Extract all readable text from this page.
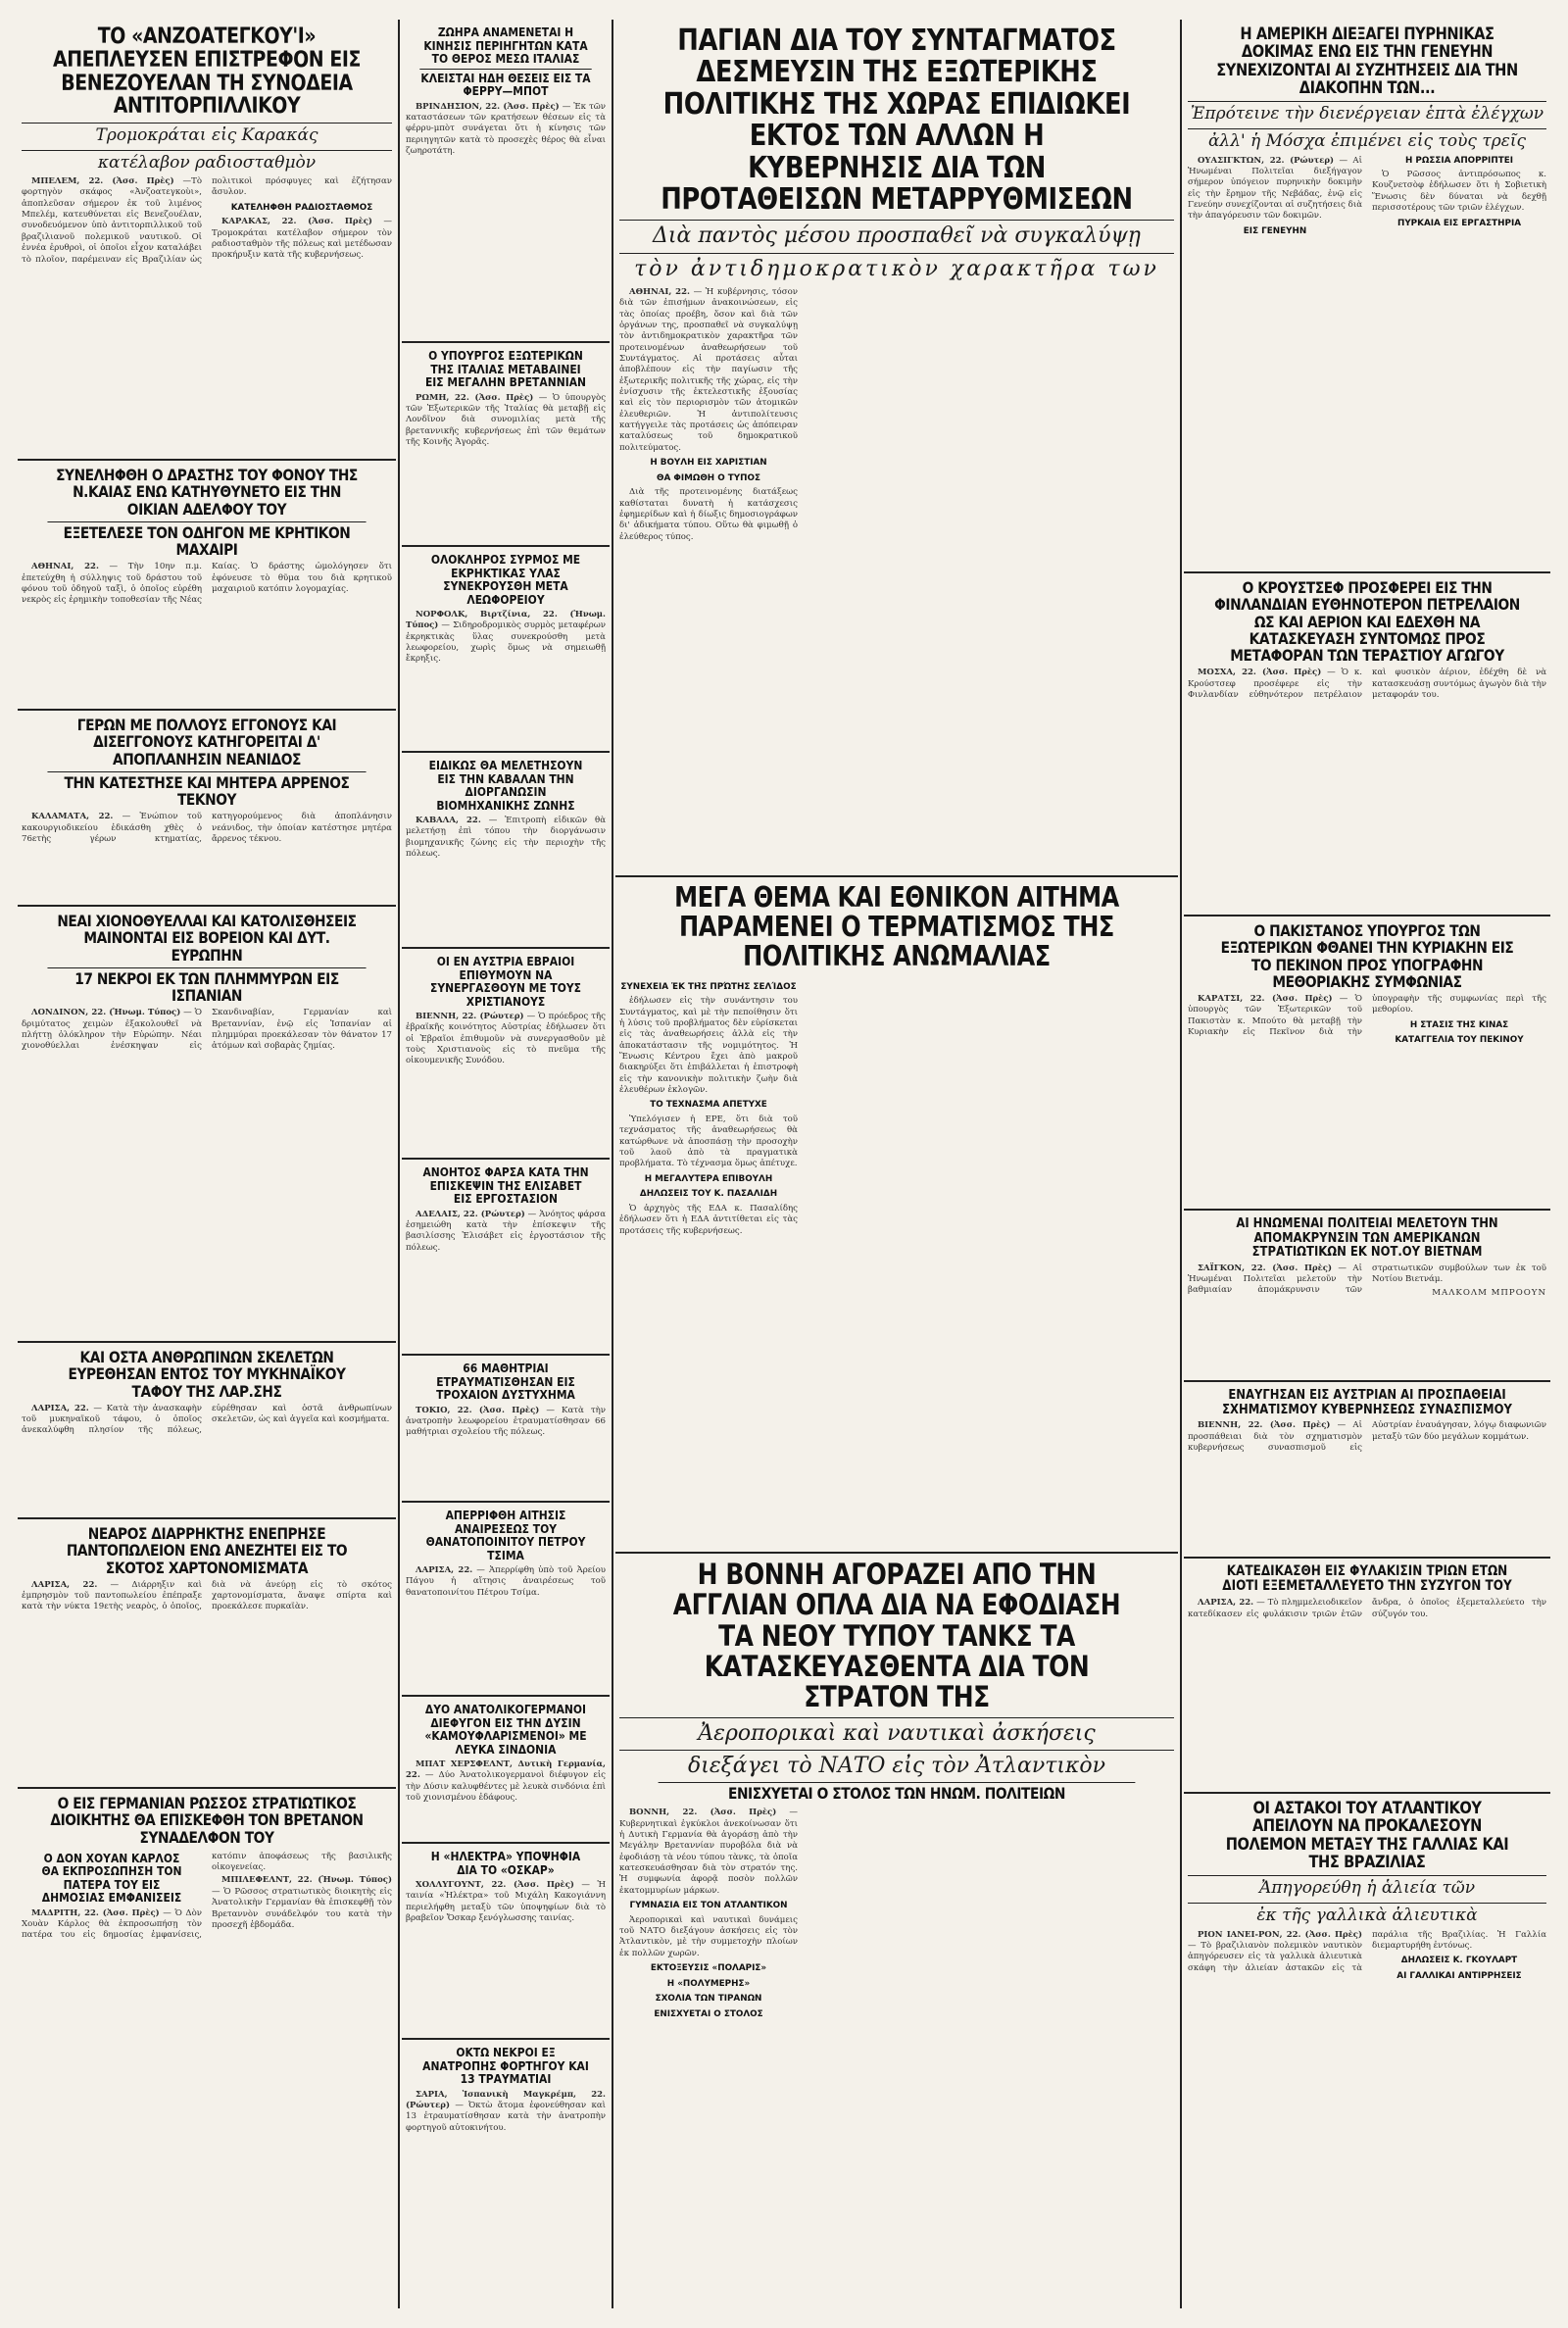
ΤΟ «ΑΝΖΟΑΤΕΓΚΟΥ'Ι» ΑΠΕΠΛΕΥΣΕΝ ΕΠΙΣΤΡΕΦΟΝ ΕΙΣ ΒΕΝΕΖΟΥΕΛΑΝ ΤΗ ΣΥΝΟΔΕΙΑ ΑΝΤΙΤΟΡΠΙΛΛΙΚΟΥ
Τρομοκράται εἰς Καρακάς
κατέλαβον ραδιοσταθμὸν

ΜΠΕΛΕΜ, 22. (Ἀσσ. Πρὲς) —Τὸ φορτηγὸν σκάφος «Ἀνζοατεγκοὺι», ἀποπλεῦσαν σήμερον ἐκ τοῦ λιμένος Μπελέμ, κατευθύνεται εἰς Βενεζουέλαν, συνοδευόμενον ὑπὸ ἀντιτορπιλλικοῦ τοῦ βραζιλιανοῦ πολεμικοῦ ναυτικοῦ. Οἱ ἐννέα ἐρυθροὶ, οἱ ὁποῖοι εἶχον καταλάβει τὸ πλοῖον, παρέμειναν εἰς Βραζιλίαν ὡς πολιτικοὶ πρόσφυγες καὶ ἐζήτησαν ἄσυλον.

ΚΑΤΕΛΗΦΘΗ ΡΑΔΙΟΣΤΑΘΜΟΣ

ΚΑΡΑΚΑΣ, 22. (Ἀσσ. Πρὲς) —Τρομοκράται κατέλαβον σήμερον τὸν ραδιοσταθμὸν τῆς πόλεως καὶ μετέδωσαν προκήρυξιν κατὰ τῆς κυβερνήσεως.

ΣΥΝΕΛΗΦΘΗ Ο ΔΡΑΣΤΗΣ ΤΟΥ ΦΟΝΟΥ ΤΗΣ Ν.ΚΑΙΑΣ ΕΝΩ ΚΑΤΗΥΘΥΝΕΤΟ ΕΙΣ ΤΗΝ ΟΙΚΙΑΝ ΑΔΕΛΦΟΥ ΤΟΥ
ΕΞΕΤΕΛΕΣΕ ΤΟΝ ΟΔΗΓΟΝ ΜΕ ΚΡΗΤΙΚΟΝ ΜΑΧΑΙΡΙ

ΑΘΗΝΑΙ, 22. — Τὴν 10ην π.μ. ἐπετεύχθη ἡ σύλληψις τοῦ δράστου τοῦ φόνου τοῦ ὁδηγοῦ ταξὶ, ὁ ὁποῖος εὑρέθη νεκρὸς εἰς ἐρημικὴν τοποθεσίαν τῆς Νέας Καίας. Ὁ δράστης ὡμολόγησεν ὅτι ἐφόνευσε τὸ θῦμα του διὰ κρητικοῦ μαχαιριοῦ κατόπιν λογομαχίας.

ΓΕΡΩΝ ΜΕ ΠΟΛΛΟΥΣ ΕΓΓΟΝΟΥΣ ΚΑΙ ΔΙΣΕΓΓΟΝΟΥΣ ΚΑΤΗΓΟΡΕΙΤΑΙ Δ' ΑΠΟΠΛΑΝΗΣΙΝ ΝΕΑΝΙΔΟΣ
ΤΗΝ ΚΑΤΕΣΤΗΣΕ ΚΑΙ ΜΗΤΕΡΑ ΑΡΡΕΝΟΣ ΤΕΚΝΟΥ

ΚΑΛΑΜΑΤΑ, 22. — Ἐνώπιον τοῦ κακουργιοδικείου ἐδικάσθη χθὲς ὁ 76ετὴς γέρων κτηματίας, κατηγορούμενος διὰ ἀποπλάνησιν νεάνιδος, τὴν ὁποίαν κατέστησε μητέρα ἄρρενος τέκνου.

ΝΕΑΙ ΧΙΟΝΟΘΥΕΛΛΑΙ ΚΑΙ ΚΑΤΟΛΙΣΘΗΣΕΙΣ ΜΑΙΝΟΝΤΑΙ ΕΙΣ ΒΟΡΕΙΟΝ ΚΑΙ ΔΥΤ. ΕΥΡΩΠΗΝ
17 ΝΕΚΡΟΙ ΕΚ ΤΩΝ ΠΛΗΜΜΥΡΩΝ ΕΙΣ ΙΣΠΑΝΙΑΝ

ΛΟΝΔΙΝΟΝ, 22. (Ἡνωμ. Τύπος) — Ὁ δριμύτατος χειμὼν ἐξακολουθεῖ νὰ πλήττῃ ὁλόκληρον τὴν Εὐρώπην. Νέαι χιονοθύελλαι ἐνέσκηψαν εἰς Σκανδιναβίαν, Γερμανίαν καὶ Βρεταννίαν, ἐνῷ εἰς Ἱσπανίαν αἱ πλημμύραι προεκάλεσαν τὸν θάνατον 17 ἀτόμων καὶ σοβαρὰς ζημίας.

ΚΑΙ ΟΣΤΑ ΑΝΘΡΩΠΙΝΩΝ ΣΚΕΛΕΤΩΝ ΕΥΡΕΘΗΣΑΝ ΕΝΤΟΣ ΤΟΥ ΜΥΚΗΝΑΪΚΟΥ ΤΑΦΟΥ ΤΗΣ ΛΑΡ.ΣΗΣ

ΛΑΡΙΣΑ, 22. — Κατὰ τὴν ἀνασκαφὴν τοῦ μυκηναϊκοῦ τάφου, ὁ ὁποῖος ἀνεκαλύφθη πλησίον τῆς πόλεως, εὑρέθησαν καὶ ὀστᾶ ἀνθρωπίνων σκελετῶν, ὡς καὶ ἀγγεῖα καὶ κοσμήματα.

ΝΕΑΡΟΣ ΔΙΑΡΡΗΚΤΗΣ ΕΝΕΠΡΗΣΕ ΠΑΝΤΟΠΩΛΕΙΟΝ ΕΝΩ ΑΝΕΖΗΤΕΙ ΕΙΣ ΤΟ ΣΚΟΤΟΣ ΧΑΡΤΟΝΟΜΙΣΜΑΤΑ

ΛΑΡΙΣΑ, 22. — Διάρρηξιν καὶ ἐμπρησμὸν τοῦ παντοπωλείου ἐπέπραξε κατὰ τὴν νύκτα 19ετὴς νεαρὸς, ὁ ὁποῖος, διὰ νὰ ἀνεύρῃ εἰς τὸ σκότος χαρτονομίσματα, ἄναψε σπίρτα καὶ προεκάλεσε πυρκαϊὰν.

Ο ΕΙΣ ΓΕΡΜΑΝΙΑΝ ΡΩΣΣΟΣ ΣΤΡΑΤΙΩΤΙΚΟΣ ΔΙΟΙΚΗΤΗΣ ΘΑ ΕΠΙΣΚΕΦΘΗ ΤΟΝ ΒΡΕΤΑΝΟΝ ΣΥΝΑΔΕΛΦΟΝ ΤΟΥ
Ο ΔΟΝ ΧΟΥΑΝ ΚΑΡΛΟΣ ΘΑ ΕΚΠΡΟΣΩΠΗΣΗ ΤΟΝ ΠΑΤΕΡΑ ΤΟΥ ΕΙΣ ΔΗΜΟΣΙΑΣ ΕΜΦΑΝΙΣΕΙΣ

ΜΑΔΡΙΤΗ, 22. (Ἀσσ. Πρὲς) — Ὁ Δὸν Χουὰν Κάρλος θὰ ἐκπροσωπήσῃ τὸν πατέρα του εἰς δημοσίας ἐμφανίσεις, κατόπιν ἀποφάσεως τῆς βασιλικῆς οἰκογενείας.

ΜΠΙΛΕΦΕΛΝΤ, 22. (Ἡνωμ. Τύπος) — Ὁ Ρῶσσος στρατιωτικὸς διοικητὴς εἰς Ἀνατολικὴν Γερμανίαν θὰ ἐπισκεφθῇ τὸν Βρεταννὸν συνάδελφόν του κατὰ τὴν προσεχῆ ἑβδομάδα.

ΖΩΗΡΑ ΑΝΑΜΕΝΕΤΑΙ Η ΚΙΝΗΣΙΣ ΠΕΡΙΗΓΗΤΩΝ ΚΑΤΑ ΤΟ ΘΕΡΟΣ ΜΕΣΩ ΙΤΑΛΙΑΣ
ΚΛΕΙΣΤΑΙ ΗΔΗ ΘΕΣΕΙΣ ΕΙΣ ΤΑ ΦΕΡΡΥ—ΜΠΟΤ

ΒΡΙΝΔΗΣΙΟΝ, 22. (Ἀσσ. Πρὲς) — Ἐκ τῶν καταστάσεων τῶν κρατήσεων θέσεων εἰς τὰ φέρρυ-μπὸτ συνάγεται ὅτι ἡ κίνησις τῶν περιηγητῶν κατὰ τὸ προσεχὲς θέρος θὰ εἶναι ζωηροτάτη.

Ο ΥΠΟΥΡΓΟΣ ΕΞΩΤΕΡΙΚΩΝ ΤΗΣ ΙΤΑΛΙΑΣ ΜΕΤΑΒΑΙΝΕΙ ΕΙΣ ΜΕΓΑΛΗΝ ΒΡΕΤΑΝΝΙΑΝ

ΡΩΜΗ, 22. (Ἀσσ. Πρὲς) — Ὁ ὑπουργὸς τῶν Ἐξωτερικῶν τῆς Ἰταλίας θὰ μεταβῇ εἰς Λονδῖνον διὰ συνομιλίας μετὰ τῆς βρεταννικῆς κυβερνήσεως ἐπὶ τῶν θεμάτων τῆς Κοινῆς Ἀγορᾶς.

ΟΛΟΚΛΗΡΟΣ ΣΥΡΜΟΣ ΜΕ ΕΚΡΗΚΤΙΚΑΣ ΥΛΑΣ ΣΥΝΕΚΡΟΥΣΘΗ ΜΕΤΑ ΛΕΩΦΟΡΕΙΟΥ

ΝΟΡΦΟΛΚ, Βιρτζίνια, 22. (Ἡνωμ. Τύπος) — Σιδηροδρομικὸς συρμὸς μεταφέρων ἐκρηκτικὰς ὕλας συνεκρούσθη μετὰ λεωφορείου, χωρὶς ὅμως νὰ σημειωθῇ ἔκρηξις.

ΕΙΔΙΚΩΣ ΘΑ ΜΕΛΕΤΗΣΟΥΝ ΕΙΣ ΤΗΝ ΚΑΒΑΛΑΝ ΤΗΝ ΔΙΟΡΓΑΝΩΣΙΝ ΒΙΟΜΗΧΑΝΙΚΗΣ ΖΩΝΗΣ

ΚΑΒΑΛΑ, 22. — Ἐπιτροπὴ εἰδικῶν θὰ μελετήσῃ ἐπὶ τόπου τὴν διοργάνωσιν βιομηχανικῆς ζώνης εἰς τὴν περιοχὴν τῆς πόλεως.

ΟΙ ΕΝ ΑΥΣΤΡΙΑ ΕΒΡΑΙΟΙ ΕΠΙΘΥΜΟΥΝ ΝΑ ΣΥΝΕΡΓΑΣΘΟΥΝ ΜΕ ΤΟΥΣ ΧΡΙΣΤΙΑΝΟΥΣ

ΒΙΕΝΝΗ, 22. (Ρώυτερ) — Ὁ πρόεδρος τῆς ἑβραϊκῆς κοινότητος Αὐστρίας ἐδήλωσεν ὅτι οἱ Ἑβραῖοι ἐπιθυμοῦν νὰ συνεργασθοῦν μὲ τοὺς Χριστιανοὺς εἰς τὸ πνεῦμα τῆς οἰκουμενικῆς Συνόδου.

ΑΝΟΗΤΟΣ ΦΑΡΣΑ ΚΑΤΑ ΤΗΝ ΕΠΙΣΚΕΨΙΝ ΤΗΣ ΕΛΙΣΑΒΕΤ ΕΙΣ ΕΡΓΟΣΤΑΣΙΟΝ

ΑΔΕΛΑΙΣ, 22. (Ρώυτερ) — Ἀνόητος φάρσα ἐσημειώθη κατὰ τὴν ἐπίσκεψιν τῆς βασιλίσσης Ἐλισάβετ εἰς ἐργοστάσιον τῆς πόλεως.

66 ΜΑΘΗΤΡΙΑΙ ΕΤΡΑΥΜΑΤΙΣΘΗΣΑΝ ΕΙΣ ΤΡΟΧΑΙΟΝ ΔΥΣΤΥΧΗΜΑ

ΤΟΚΙΟ, 22. (Ἀσσ. Πρὲς) — Κατὰ τὴν ἀνατροπὴν λεωφορείου ἐτραυματίσθησαν 66 μαθήτριαι σχολείου τῆς πόλεως.

ΑΠΕΡΡΙΦΘΗ ΑΙΤΗΣΙΣ ΑΝΑΙΡΕΣΕΩΣ ΤΟΥ ΘΑΝΑΤΟΠΟΙΝΙΤΟΥ ΠΕΤΡΟΥ ΤΣΙΜΑ

ΛΑΡΙΣΑ, 22. — Ἀπερρίφθη ὑπὸ τοῦ Ἀρείου Πάγου ἡ αἴτησις ἀναιρέσεως τοῦ θανατοποινίτου Πέτρου Τσίμα.

ΔΥΟ ΑΝΑΤΟΛΙΚΟΓΕΡΜΑΝΟΙ ΔΙΕΦΥΓΟΝ ΕΙΣ ΤΗΝ ΔΥΣΙΝ «ΚΑΜΟΥΦΛΑΡΙΣΜΕΝΟΙ» ΜΕ ΛΕΥΚΑ ΣΙΝΔΟΝΙΑ

ΜΠΑΤ ΧΕΡΣΦΕΛΝΤ, Δυτικὴ Γερμανία, 22. — Δύο Ἀνατολικογερμανοὶ διέφυγον εἰς τὴν Δύσιν καλυφθέντες μὲ λευκὰ σινδόνια ἐπὶ τοῦ χιονισμένου ἐδάφους.

Η «ΗΛΕΚΤΡΑ» ΥΠΟΨΗΦΙΑ ΔΙΑ ΤΟ «ΟΣΚΑΡ»

ΧΟΛΛΥΓΟΥΝΤ, 22. (Ἀσσ. Πρὲς) — Ἡ ταινία «Ἠλέκτρα» τοῦ Μιχάλη Κακογιάννη περιελήφθη μεταξὺ τῶν ὑποψηφίων διὰ τὸ βραβεῖον Ὄσκαρ ξενόγλωσσης ταινίας.

ΟΚΤΩ ΝΕΚΡΟΙ ΕΞ ΑΝΑΤΡΟΠΗΣ ΦΟΡΤΗΓΟΥ ΚΑΙ 13 ΤΡΑΥΜΑΤΙΑΙ

ΣΑΡΙΑ, Ἰσπανικὴ Μαγκρέμπ, 22. (Ρώυτερ) — Ὀκτὼ ἄτομα ἐφονεύθησαν καὶ 13 ἐτραυματίσθησαν κατὰ τὴν ἀνατροπὴν φορτηγοῦ αὐτοκινήτου.

ΠΑΓΙΑΝ ΔΙΑ ΤΟΥ ΣΥΝΤΑΓΜΑΤΟΣ ΔΕΣΜΕΥΣΙΝ ΤΗΣ ΕΞΩΤΕΡΙΚΗΣ ΠΟΛΙΤΙΚΗΣ ΤΗΣ ΧΩΡΑΣ ΕΠΙΔΙΩΚΕΙ ΕΚΤΟΣ ΤΩΝ ΑΛΛΩΝ Η ΚΥΒΕΡΝΗΣΙΣ ΔΙΑ ΤΩΝ ΠΡΟΤΑΘΕΙΣΩΝ ΜΕΤΑΡΡΥΘΜΙΣΕΩΝ
Διὰ παντὸς μέσου προσπαθεῖ νὰ συγκαλύψῃ
τὸν ἀντιδημοκρατικὸν χαρακτῆρα των

ΑΘΗΝΑΙ, 22. — Ἡ κυβέρνησις, τόσον διὰ τῶν ἐπισήμων ἀνακοινώσεων, εἰς τὰς ὁποίας προέβη, ὅσον καὶ διὰ τῶν ὀργάνων της, προσπαθεῖ νὰ συγκαλύψῃ τὸν ἀντιδημοκρατικὸν χαρακτῆρα τῶν προτεινομένων ἀναθεωρήσεων τοῦ Συντάγματος. Αἱ προτάσεις αὗται ἀποβλέπουν εἰς τὴν παγίωσιν τῆς ἐξωτερικῆς πολιτικῆς τῆς χώρας, εἰς τὴν ἐνίσχυσιν τῆς ἐκτελεστικῆς ἐξουσίας καὶ εἰς τὸν περιορισμὸν τῶν ἀτομικῶν ἐλευθεριῶν. Ἡ ἀντιπολίτευσις κατήγγειλε τὰς προτάσεις ὡς ἀπόπειραν καταλύσεως τοῦ δημοκρατικοῦ πολιτεύματος.

Η ΒΟΥΛΗ ΕΙΣ ΧΑΡΙΣΤΙΑΝ
ΘΑ ΦΙΜΩΘΗ Ο ΤΥΠΟΣ

Διὰ τῆς προτεινομένης διατάξεως καθίσταται δυνατὴ ἡ κατάσχεσις ἐφημερίδων καὶ ἡ δίωξις δημοσιογράφων δι' ἀδικήματα τύπου. Οὕτω θὰ φιμωθῇ ὁ ἐλεύθερος τύπος.

ΜΕΓΑ ΘΕΜΑ ΚΑΙ ΕΘΝΙΚΟΝ ΑΙΤΗΜΑ ΠΑΡΑΜΕΝΕΙ Ο ΤΕΡΜΑΤΙΣΜΟΣ ΤΗΣ ΠΟΛΙΤΙΚΗΣ ΑΝΩΜΑΛΙΑΣ
ΣΥΝΕΧΕΙΑ ἘΚ ΤΗ͂Σ ΠΡΏΤΗΣ ΣΕΛΊΔΟΣ

ἐδήλωσεν εἰς τὴν συνάντησιν του Συντάγματος, καὶ μὲ τὴν πεποίθησιν ὅτι ἡ λύσις τοῦ προβλήματος δὲν εὑρίσκεται εἰς τὰς ἀναθεωρήσεις ἀλλὰ εἰς τὴν ἀποκατάστασιν τῆς νομιμότητος. Ἡ Ἕνωσις Κέντρου ἔχει ἀπὸ μακροῦ διακηρύξει ὅτι ἐπιβάλλεται ἡ ἐπιστροφὴ εἰς τὴν κανονικὴν πολιτικὴν ζωὴν διὰ ἐλευθέρων ἐκλογῶν.

ΤΟ ΤΕΧΝΑΣΜΑ ΑΠΕΤΥΧΕ

Ὑπελόγισεν ἡ ΕΡΕ, ὅτι διὰ τοῦ τεχνάσματος τῆς ἀναθεωρήσεως θὰ κατώρθωνε νὰ ἀποσπάσῃ τὴν προσοχὴν τοῦ λαοῦ ἀπὸ τὰ πραγματικὰ προβλήματα. Τὸ τέχνασμα ὅμως ἀπέτυχε.

Η ΜΕΓΑΛΥΤΕΡΑ ΕΠΙΒΟΥΛΗ
ΔΗΛΩΣΕΙΣ ΤΟΥ Κ. ΠΑΣΑΛΙΔΗ

Ὁ ἀρχηγὸς τῆς ΕΔΑ κ. Πασαλίδης ἐδήλωσεν ὅτι ἡ ΕΔΑ ἀντιτίθεται εἰς τὰς προτάσεις τῆς κυβερνήσεως.

Η ΒΟΝΝΗ ΑΓΟΡΑΖΕΙ ΑΠΟ ΤΗΝ ΑΓΓΛΙΑΝ ΟΠΛΑ ΔΙΑ ΝΑ ΕΦΟΔΙΑΣΗ ΤΑ ΝΕΟΥ ΤΥΠΟΥ ΤΑΝΚΣ ΤΑ ΚΑΤΑΣΚΕΥΑΣΘΕΝΤΑ ΔΙΑ ΤΟΝ ΣΤΡΑΤΟΝ ΤΗΣ
Ἀεροπορικαὶ καὶ ναυτικαὶ ἀσκήσεις
διεξάγει τὸ ΝΑΤΟ εἰς τὸν Ἀτλαντικὸν
ΕΝΙΣΧΥΕΤΑΙ Ο ΣΤΟΛΟΣ ΤΩΝ ΗΝΩΜ. ΠΟΛΙΤΕΙΩΝ

ΒΟΝΝΗ, 22. (Ἀσσ. Πρὲς) — Κυβερνητικαὶ ἐγκύκλοι ἀνεκοίνωσαν ὅτι ἡ Δυτικὴ Γερμανία θὰ ἀγοράσῃ ἀπὸ τὴν Μεγάλην Βρεταννίαν πυροβόλα διὰ νὰ ἐφοδιάσῃ τὰ νέου τύπου τὰνκς, τὰ ὁποῖα κατεσκευάσθησαν διὰ τὸν στρατόν της. Ἡ συμφωνία ἀφορᾷ ποσὸν πολλῶν ἑκατομμυρίων μάρκων.

ΓΥΜΝΑΣΙΑ ΕΙΣ ΤΟΝ ΑΤΛΑΝΤΙΚΟΝ

Ἀεροπορικαὶ καὶ ναυτικαὶ δυνάμεις τοῦ ΝΑΤΟ διεξάγουν ἀσκήσεις εἰς τὸν Ἀτλαντικὸν, μὲ τὴν συμμετοχὴν πλοίων ἐκ πολλῶν χωρῶν.

ΕΚΤΟΞΕΥΣΙΣ «ΠΟΛΑΡΙΣ»
Η «ΠΟΛΥΜΕΡΗΣ»
ΣΧΟΛΙΑ ΤΩΝ ΤΙΡΑΝΩΝ
ΕΝΙΣΧΥΕΤΑΙ Ο ΣΤΟΛΟΣ
Η ΑΜΕΡΙΚΗ ΔΙΕΞΑΓΕΙ ΠΥΡΗΝΙΚΑΣ ΔΟΚΙΜΑΣ ΕΝΩ ΕΙΣ ΤΗΝ ΓΕΝΕΥΗΝ ΣΥΝΕΧΙΖΟΝΤΑΙ ΑΙ ΣΥΖΗΤΗΣΕΙΣ ΔΙΑ ΤΗΝ ΔΙΑΚΟΠΗΝ ΤΩΝ...
Ἐπρότεινε τὴν διενέργειαν ἑπτὰ ἐλέγχων
ἀλλ' ἡ Μόσχα ἐπιμένει εἰς τοὺς τρεῖς

ΟΥΑΣΙΓΚΤΩΝ, 22. (Ρώυτερ) — Αἱ Ἡνωμέναι Πολιτεῖαι διεξήγαγον σήμερον ὑπόγειον πυρηνικὴν δοκιμὴν εἰς τὴν ἔρημον τῆς Νεβάδας, ἐνῷ εἰς Γενεύην συνεχίζονται αἱ συζητήσεις διὰ τὴν ἀπαγόρευσιν τῶν δοκιμῶν.

ΕΙΣ ΓΕΝΕΥΗΝ
Η ΡΩΣΣΙΑ ΑΠΟΡΡΙΠΤΕΙ

Ὁ Ρῶσσος ἀντιπρόσωπος κ. Κουζνετσὸφ ἐδήλωσεν ὅτι ἡ Σοβιετικὴ Ἕνωσις δὲν δύναται νὰ δεχθῇ περισσοτέρους τῶν τριῶν ἐλέγχων.

ΠΥΡΚΑΙΑ ΕΙΣ ΕΡΓΑΣΤΗΡΙΑ
Ο ΚΡΟΥΣΤΣΕΦ ΠΡΟΣΦΕΡΕΙ ΕΙΣ ΤΗΝ ΦΙΝΛΑΝΔΙΑΝ ΕΥΘΗΝΟΤΕΡΟΝ ΠΕΤΡΕΛΑΙΟΝ ΩΣ ΚΑΙ ΑΕΡΙΟΝ ΚΑΙ ΕΔΕΧΘΗ ΝΑ ΚΑΤΑΣΚΕΥΑΣΗ ΣΥΝΤΟΜΩΣ ΠΡΟΣ ΜΕΤΑΦΟΡΑΝ ΤΩΝ ΤΕΡΑΣΤΙΟΥ ΑΓΩΓΟΥ

ΜΟΣΧΑ, 22. (Ἀσσ. Πρὲς) — Ὁ κ. Κρούστσεφ προσέφερε εἰς τὴν Φινλανδίαν εὐθηνότερον πετρέλαιον καὶ φυσικὸν ἀέριον, ἐδέχθη δὲ νὰ κατασκευάσῃ συντόμως ἀγωγὸν διὰ τὴν μεταφοράν του.

Ο ΠΑΚΙΣΤΑΝΟΣ ΥΠΟΥΡΓΟΣ ΤΩΝ ΕΞΩΤΕΡΙΚΩΝ ΦΘΑΝΕΙ ΤΗΝ ΚΥΡΙΑΚΗΝ ΕΙΣ ΤΟ ΠΕΚΙΝΟΝ ΠΡΟΣ ΥΠΟΓΡΑΦΗΝ ΜΕΘΟΡΙΑΚΗΣ ΣΥΜΦΩΝΙΑΣ

ΚΑΡΑΤΣΙ, 22. (Ἀσσ. Πρὲς) — Ὁ ὑπουργὸς τῶν Ἐξωτερικῶν τοῦ Πακιστὰν κ. Μπούτο θὰ μεταβῇ τὴν Κυριακὴν εἰς Πεκῖνον διὰ τὴν ὑπογραφὴν τῆς συμφωνίας περὶ τῆς μεθορίου.

Η ΣΤΑΣΙΣ ΤΗΣ ΚΙΝΑΣ
ΚΑΤΑΓΓΕΛΙΑ ΤΟΥ ΠΕΚΙΝΟΥ
ΑΙ ΗΝΩΜΕΝΑΙ ΠΟΛΙΤΕΙΑΙ ΜΕΛΕΤΟΥΝ ΤΗΝ ΑΠΟΜΑΚΡΥΝΣΙΝ ΤΩΝ ΑΜΕΡΙΚΑΝΩΝ ΣΤΡΑΤΙΩΤΙΚΩΝ ΕΚ ΝΟΤ.ΟΥ ΒΙΕΤΝΑΜ

ΣΑΪΓΚΟΝ, 22. (Ἀσσ. Πρὲς) — Αἱ Ἡνωμέναι Πολιτεῖαι μελετοῦν τὴν βαθμιαίαν ἀπομάκρυνσιν τῶν στρατιωτικῶν συμβούλων των ἐκ τοῦ Νοτίου Βιετνάμ.

ΜΑΛΚΟΛΜ ΜΠΡΟΟΥΝ
ΕΝΑΥΓΗΣΑΝ ΕΙΣ ΑΥΣΤΡΙΑΝ ΑΙ ΠΡΟΣΠΑΘΕΙΑΙ ΣΧΗΜΑΤΙΣΜΟΥ ΚΥΒΕΡΝΗΣΕΩΣ ΣΥΝΑΣΠΙΣΜΟΥ

ΒΙΕΝΝΗ, 22. (Ἀσσ. Πρὲς) — Αἱ προσπάθειαι διὰ τὸν σχηματισμὸν κυβερνήσεως συνασπισμοῦ εἰς Αὐστρίαν ἐναυάγησαν, λόγῳ διαφωνιῶν μεταξὺ τῶν δύο μεγάλων κομμάτων.

ΚΑΤΕΔΙΚΑΣΘΗ ΕΙΣ ΦΥΛΑΚΙΣΙΝ ΤΡΙΩΝ ΕΤΩΝ ΔΙΟΤΙ ΕΞΕΜΕΤΑΛΛΕΥΕΤΟ ΤΗΝ ΣΥΖΥΓΟΝ ΤΟΥ

ΛΑΡΙΣΑ, 22. — Τὸ πλημμελειοδικεῖον κατεδίκασεν εἰς φυλάκισιν τριῶν ἐτῶν ἄνδρα, ὁ ὁποῖος ἐξεμεταλλεύετο τὴν σύζυγόν του.

ΟΙ ΑΣΤΑΚΟΙ ΤΟΥ ΑΤΛΑΝΤΙΚΟΥ ΑΠΕΙΛΟΥΝ ΝΑ ΠΡΟΚΑΛΕΣΟΥΝ ΠΟΛΕΜΟΝ ΜΕΤΑΞΥ ΤΗΣ ΓΑΛΛΙΑΣ ΚΑΙ ΤΗΣ ΒΡΑΖΙΛΙΑΣ
Ἀπηγορεύθη ἡ ἁλιεία τῶν
ἐκ τῆς γαλλικὰ ἁλιευτικὰ

ΡΙΟΝ ΙΑΝΕΙ-ΡΟΝ, 22. (Ἀσσ. Πρὲς) — Τὸ βραζιλιανὸν πολεμικὸν ναυτικὸν ἀπηγόρευσεν εἰς τὰ γαλλικὰ ἁλιευτικὰ σκάφη τὴν ἁλιείαν ἀστακῶν εἰς τὰ παράλια τῆς Βραζιλίας. Ἡ Γαλλία διεμαρτυρήθη ἐντόνως.

ΔΗΛΩΣΕΙΣ Κ. ΓΚΟΥΛΑΡΤ
ΑΙ ΓΑΛΛΙΚΑΙ ΑΝΤΙΡΡΗΣΕΙΣ
